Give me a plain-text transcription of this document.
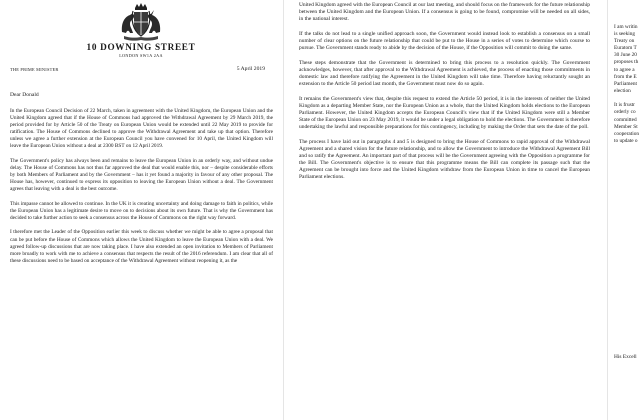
10 DOWNING STREET
LONDON SW1A 2AA
THE PRIME MINISTER	5 April 2019
Dear Donald

In the European Council Decision of 22 March, taken in agreement with the United Kingdom, the European Union and the United Kingdom agreed that if the House of Commons had approved the Withdrawal Agreement by 29 March 2019, the period provided for by Article 50 of the Treaty on European Union would be extended until 22 May 2019 to provide for ratification. The House of Commons declined to approve the Withdrawal Agreement and take up that option. Therefore unless we agree a further extension at the European Council you have convened for 10 April, the United Kingdom will leave the European Union without a deal at 2300 BST on 12 April 2019.

The Government's policy has always been and remains to leave the European Union in an orderly way, and without undue delay. The House of Commons has not thus far approved the deal that would enable this, nor – despite considerable efforts by both Members of Parliament and by the Government – has it yet found a majority in favour of any other proposal. The House has, however, continued to express its opposition to leaving the European Union without a deal. The Government agrees that leaving with a deal is the best outcome.

This impasse cannot be allowed to continue. In the UK it is creating uncertainty and doing damage to faith in politics, while the European Union has a legitimate desire to move on to decisions about its own future. That is why the Government has decided to take further action to seek a consensus across the House of Commons on the right way forward.

I therefore met the Leader of the Opposition earlier this week to discuss whether we might be able to agree a proposal that can be put before the House of Commons which allows the United Kingdom to leave the European Union with a deal. We agreed follow-up discussions that are now taking place. I have also extended an open invitation to Members of Parliament more broadly to work with me to achieve a consensus that respects the result of the 2016 referendum. I am clear that all of these discussions need to be based on acceptance of the Withdrawal Agreement without reopening it, as the

United Kingdom agreed with the European Council at our last meeting, and should focus on the framework for the future relationship between the United Kingdom and the European Union. If a consensus is going to be found, compromise will be needed on all sides, in the national interest.

If the talks do not lead to a single unified approach soon, the Government would instead look to establish a consensus on a small number of clear options on the future relationship that could be put to the House in a series of votes to determine which course to pursue. The Government stands ready to abide by the decision of the House, if the Opposition will commit to doing the same.

These steps demonstrate that the Government is determined to bring this process to a resolution quickly. The Government acknowledges, however, that after approval to the Withdrawal Agreement is achieved, the process of enacting those commitments in domestic law and therefore ratifying the Agreement in the United Kingdom will take time. Therefore having reluctantly sought an extension to the Article 50 period last month, the Government must now do so again.

It remains the Government's view that, despite this request to extend the Article 50 period, it is in the interests of neither the United Kingdom as a departing Member State, nor the European Union as a whole, that the United Kingdom holds elections to the European Parliament. However, the United Kingdom accepts the European Council's view that if the United Kingdom were still a Member State of the European Union on 23 May 2019, it would be under a legal obligation to hold the elections. The Government is therefore undertaking the lawful and responsible preparations for this contingency, including by making the Order that sets the date of the poll.

The process I have laid out in paragraphs 4 and 5 is designed to bring the House of Commons to rapid approval of the Withdrawal Agreement and a shared vision for the future relationship, and to allow the Government to introduce the Withdrawal Agreement Bill and so ratify the Agreement. An important part of that process will be the Government agreeing with the Opposition a programme for the Bill. The Government's objective is to ensure that this programme means the Bill can complete its passage such that the Agreement can be brought into force and the United Kingdom withdraw from the European Union in time to cancel the European Parliament elections.

I am writin
is seeking
Treaty on
Euratom T
30 June 20
proposes th
to agree a
from the E
Parliament
election

It is frustr
orderly co
committed
Member St
cooperation
to update o

His Excell
